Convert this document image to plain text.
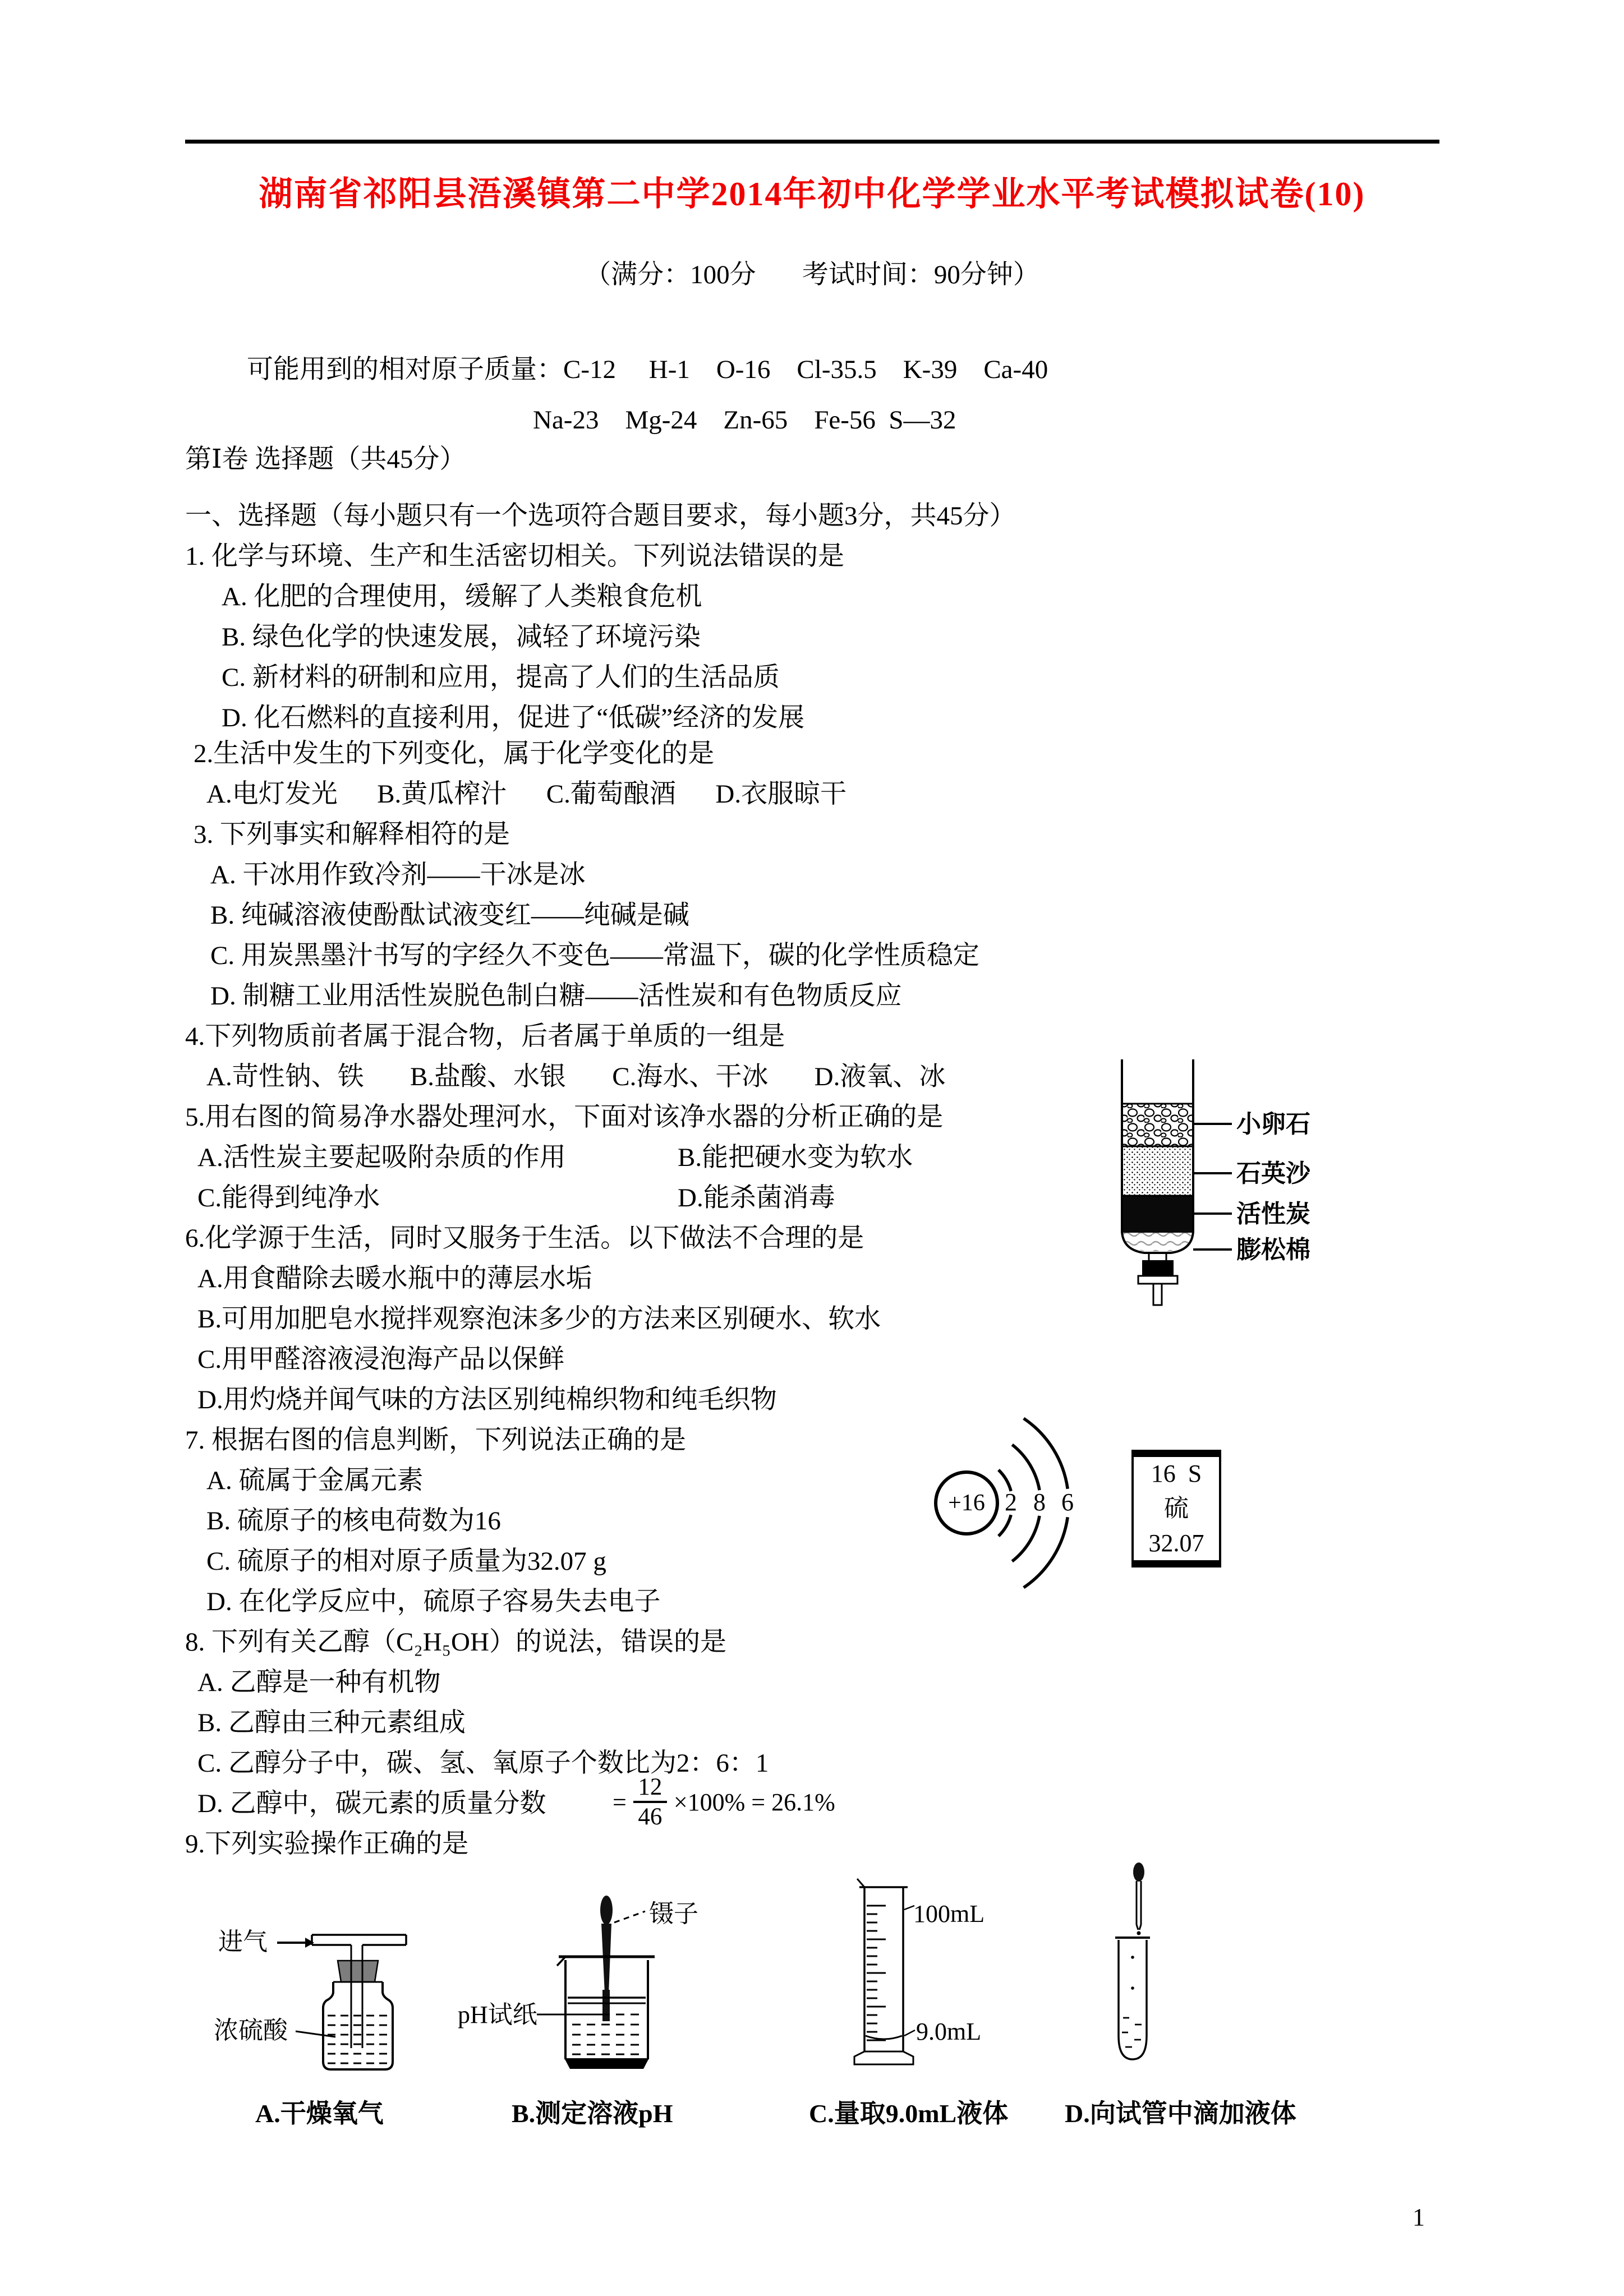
湖南省祁阳县浯溪镇第二中学2014年初中化学学业水平考试模拟试卷(10)
（满分：100分       考试时间：90分钟）
可能用到的相对原子质量：C-12     H-1    O-16    Cl-35.5    K-39    Ca-40
Na-23    Mg-24    Zn-65    Fe-56  S—32
第Ⅰ卷 选择题（共45分）
一、选择题（每小题只有一个选项符合题目要求，每小题3分，共45分）
1. 化学与环境、生产和生活密切相关。下列说法错误的是
A. 化肥的合理使用，缓解了人类粮食危机
B. 绿色化学的快速发展，减轻了环境污染
C. 新材料的研制和应用，提高了人们的生活品质
D. 化石燃料的直接利用，促进了“低碳”经济的发展
2.生活中发生的下列变化，属于化学变化的是
A.电灯发光      B.黄瓜榨汁      C.葡萄酿酒      D.衣服晾干
3. 下列事实和解释相符的是
A. 干冰用作致冷剂——干冰是冰
B. 纯碱溶液使酚酞试液变红——纯碱是碱
C. 用炭黑墨汁书写的字经久不变色——常温下，碳的化学性质稳定
D. 制糖工业用活性炭脱色制白糖——活性炭和有色物质反应
4.下列物质前者属于混合物，后者属于单质的一组是
A.苛性钠、铁       B.盐酸、水银       C.海水、干冰       D.液氧、冰
5.用右图的简易净水器处理河水，下面对该净水器的分析正确的是
A.活性炭主要起吸附杂质的作用	B.能把硬水变为软水
C.能得到纯净水	D.能杀菌消毒
6.化学源于生活，同时又服务于生活。以下做法不合理的是
A.用食醋除去暖水瓶中的薄层水垢
B.可用加肥皂水搅拌观察泡沫多少的方法来区别硬水、软水
C.用甲醛溶液浸泡海产品以保鲜
D.用灼烧并闻气味的方法区别纯棉织物和纯毛织物
7. 根据右图的信息判断，下列说法正确的是
A. 硫属于金属元素
B. 硫原子的核电荷数为16
C. 硫原子的相对原子质量为32.07 g
D. 在化学反应中，硫原子容易失去电子
8. 下列有关乙醇（C₂H₅OH）的说法，错误的是
A. 乙醇是一种有机物
B. 乙醇由三种元素组成
C. 乙醇分子中，碳、氢、氧原子个数比为2：6：1
D. 乙醇中，碳元素的质量分数	= $\frac{12}{46} \times 100\% = 26.1\%$
9.下列实验操作正确的是
小卵石
石英沙
活性炭
膨松棉
+16 2 8 6
16  S
硫
32.07
进气
浓硫酸
镊子
pH试纸
100mL
9.0mL
A.干燥氧气	B.测定溶液pH	C.量取9.0mL液体 D.向试管中滴加液体
1
